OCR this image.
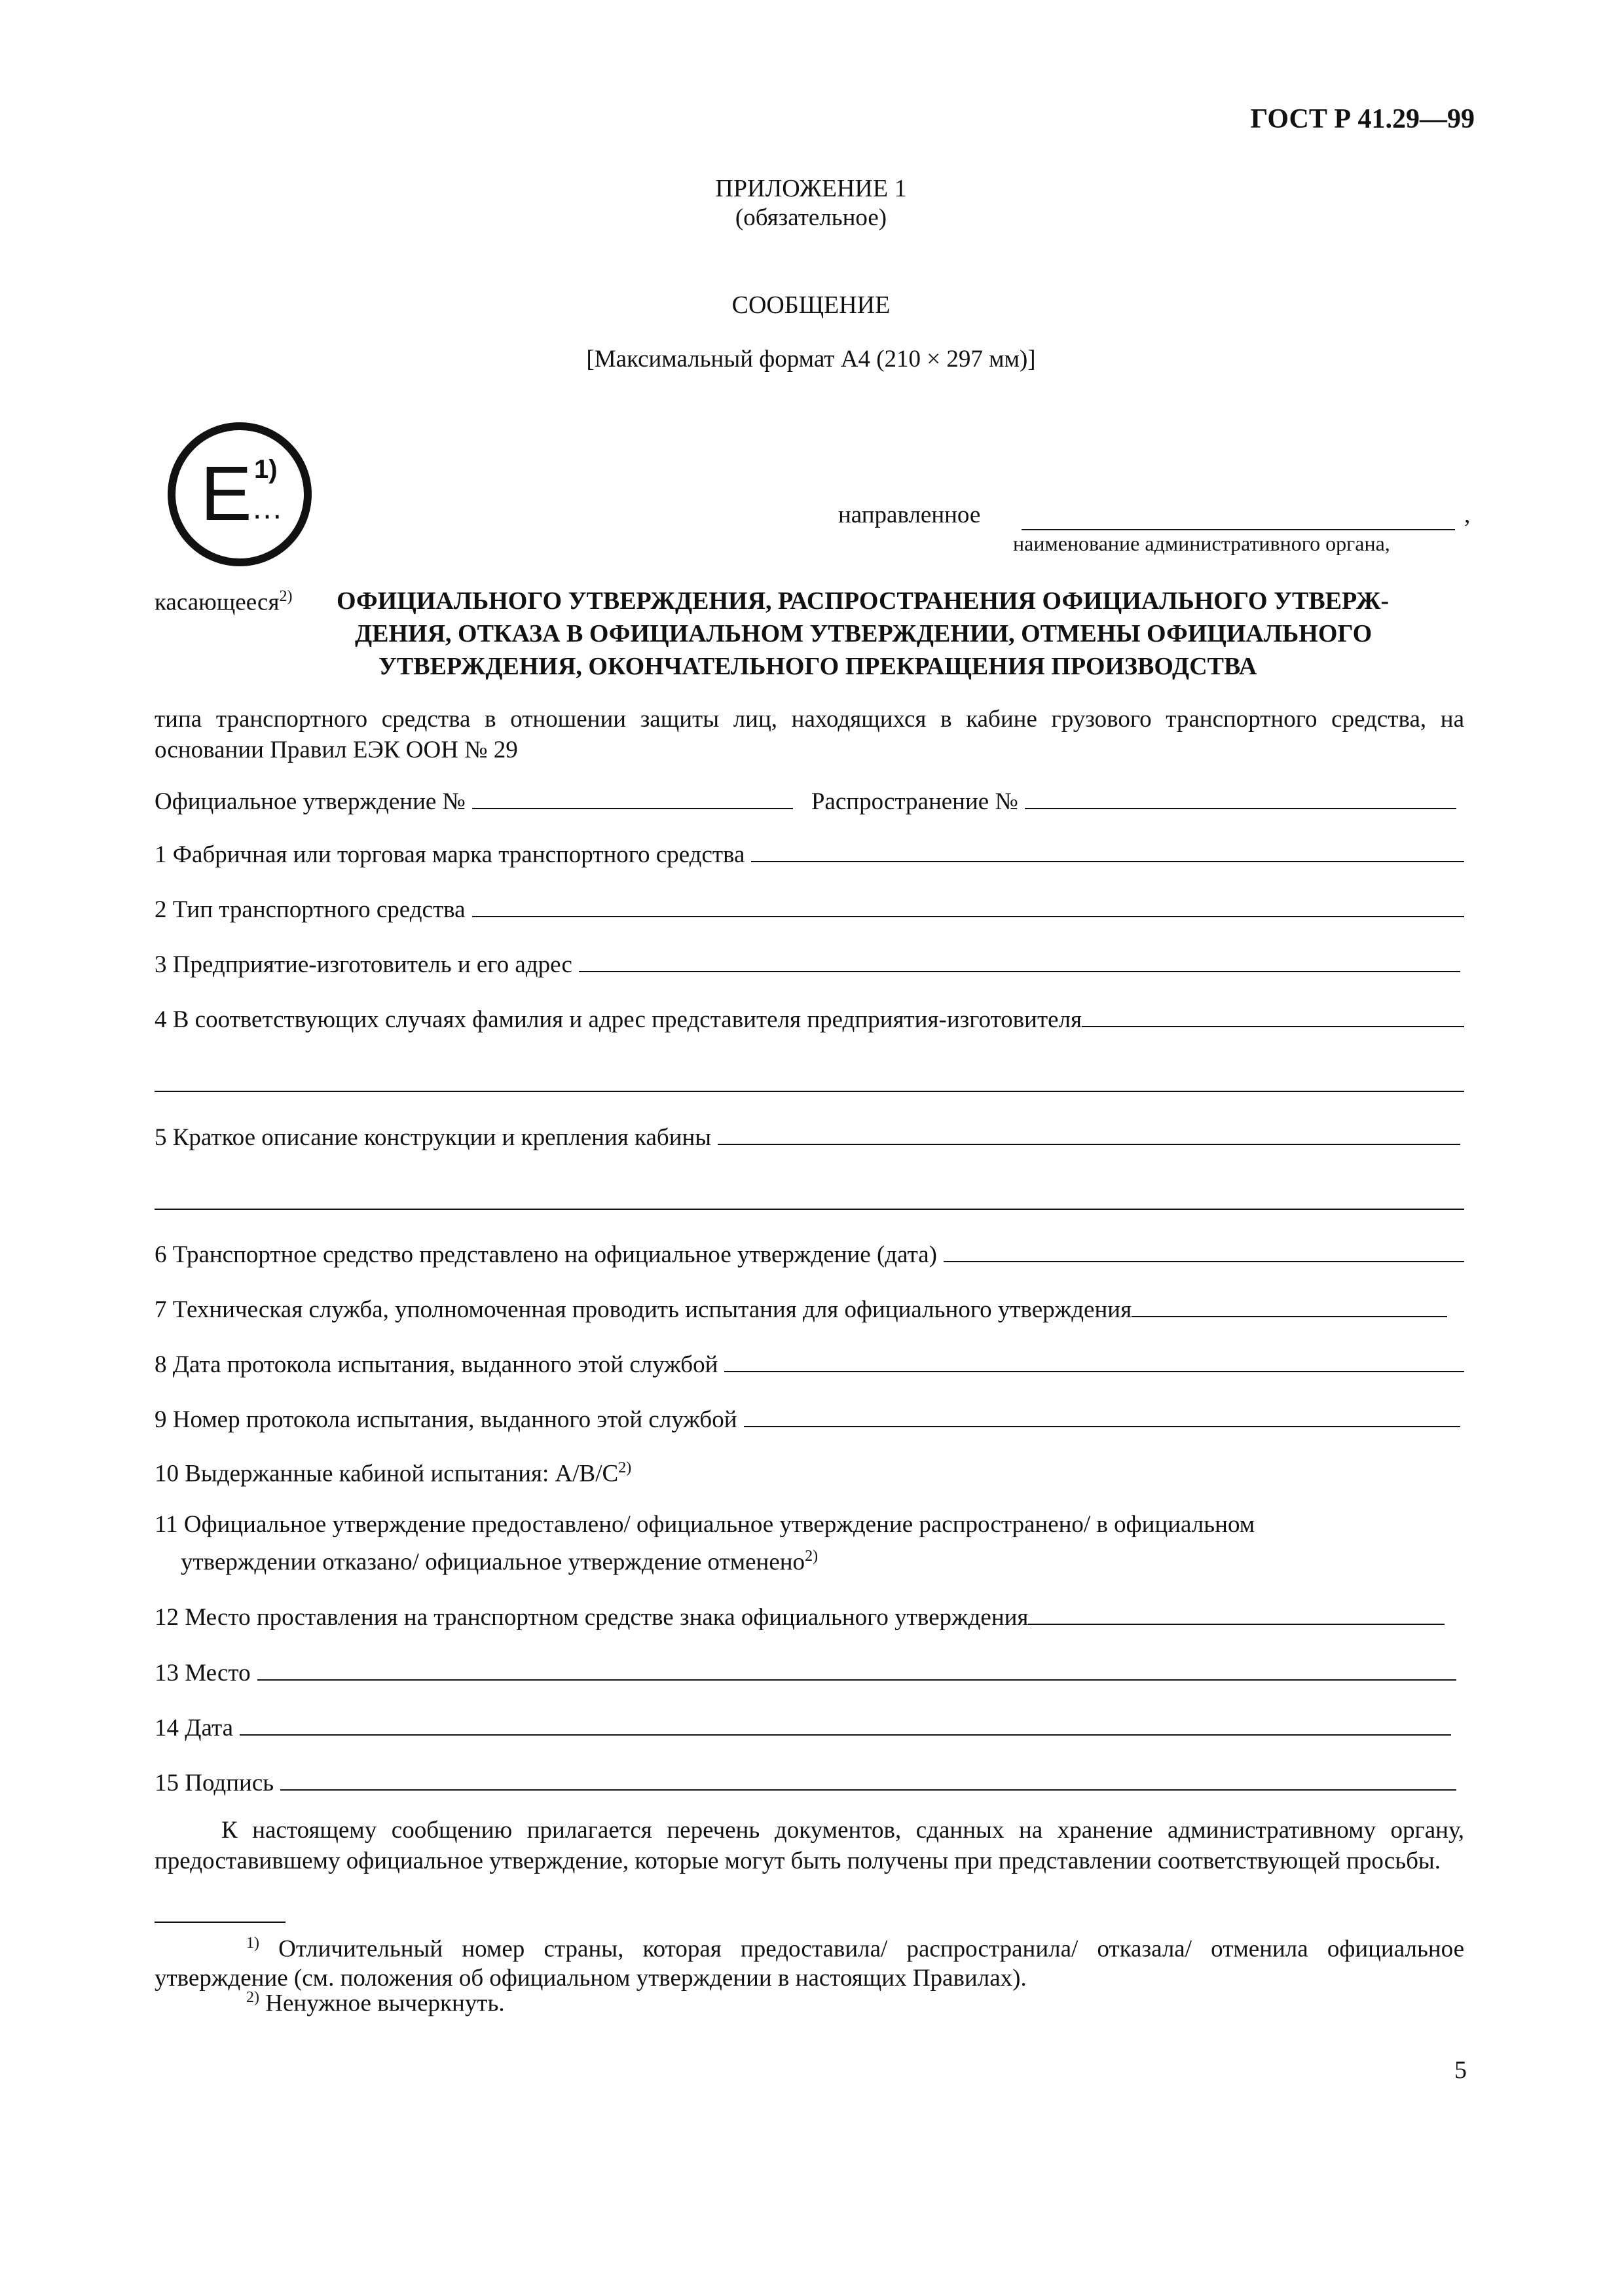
ГОСТ Р 41.29—99
ПРИЛОЖЕНИЕ 1
(обязательное)
СООБЩЕНИЕ
[Максимальный формат А4 (210 × 297 мм)]
E 1)
...	направленное	,
наименование административного органа,
касающееся$^{2)}$ ОФИЦИАЛЬНОГО УТВЕРЖДЕНИЯ, РАСПРОСТРАНЕНИЯ ОФИЦИАЛЬНОГО УТВЕРЖ-
ДЕНИЯ, ОТКАЗА В ОФИЦИАЛЬНОМ УТВЕРЖДЕНИИ, ОТМЕНЫ ОФИЦИАЛЬНОГО
УТВЕРЖДЕНИЯ, ОКОНЧАТЕЛЬНОГО ПРЕКРАЩЕНИЯ ПРОИЗВОДСТВА
типа транспортного средства в отношении защиты лиц, находящихся в кабине грузового транспортного средства, на основании Правил ЕЭК ООН № 29
Официальное утверждение №	Распространение №
1 Фабричная или торговая марка транспортного средства
2 Тип транспортного средства
3 Предприятие-изготовитель и его адрес
4 В соответствующих случаях фамилия и адрес представителя предприятия-изготовителя
5 Краткое описание конструкции и крепления кабины
6 Транспортное средство представлено на официальное утверждение (дата)
7 Техническая служба, уполномоченная проводить испытания для официального утверждения
8 Дата протокола испытания, выданного этой службой
9 Номер протокола испытания, выданного этой службой
10 Выдержанные кабиной испытания: $А/В/С^{2)}$
11 Официальное утверждение предоставлено/ официальное утверждение распространено/ в официальном
утверждении отказано/ официальное утверждение отменено$^{2)}$
12 Место проставления на транспортном средстве знака официального утверждения
13 Место
14 Дата
15 Подпись
К настоящему сообщению прилагается перечень документов, сданных на хранение административному органу, предоставившему официальное утверждение, которые могут быть получены при представлении соответствующей просьбы.
$^{1)}$ Отличительный номер страны, которая предоставила/ распространила/ отказала/ отменила официальное утверждение (см. положения об официальном утверждении в настоящих Правилах).
$^{2)}$ Ненужное вычеркнуть.
5
